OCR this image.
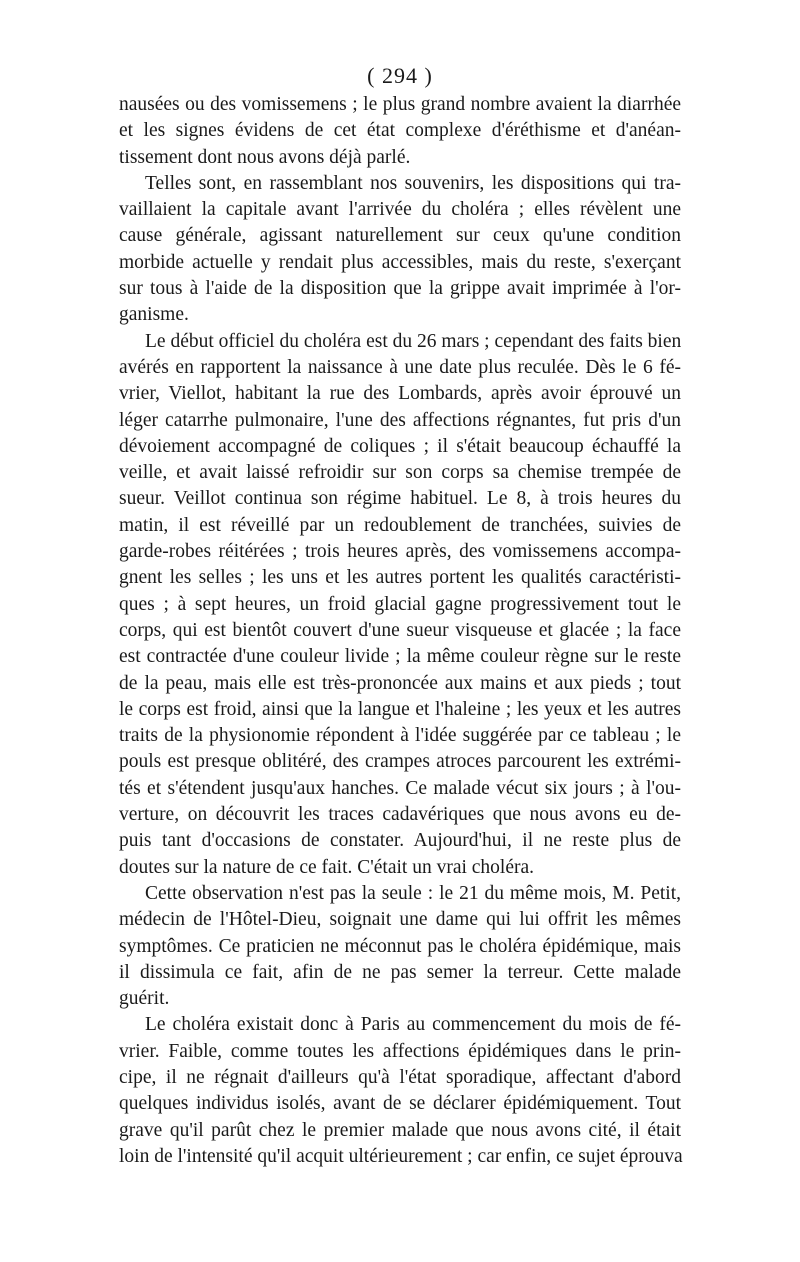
( 294 )
nausées ou des vomissemens ; le plus grand nombre avaient la diarrhée
et les signes évidens de cet état complexe d'éréthisme et d'anéan-
tissement dont nous avons déjà parlé.
Telles sont, en rassemblant nos souvenirs, les dispositions qui tra-
vaillaient la capitale avant l'arrivée du choléra ; elles révèlent une
cause générale, agissant naturellement sur ceux qu'une condition
morbide actuelle y rendait plus accessibles, mais du reste, s'exerçant
sur tous à l'aide de la disposition que la grippe avait imprimée à l'or-
ganisme.
Le début officiel du choléra est du 26 mars ; cependant des faits bien
avérés en rapportent la naissance à une date plus reculée. Dès le 6 fé-
vrier, Viellot, habitant la rue des Lombards, après avoir éprouvé un
léger catarrhe pulmonaire, l'une des affections régnantes, fut pris d'un
dévoiement accompagné de coliques ; il s'était beaucoup échauffé la
veille, et avait laissé refroidir sur son corps sa chemise trempée de
sueur. Veillot continua son régime habituel. Le 8, à trois heures du
matin, il est réveillé par un redoublement de tranchées, suivies de
garde-robes réitérées ; trois heures après, des vomissemens accompa-
gnent les selles ; les uns et les autres portent les qualités caractéristi-
ques ; à sept heures, un froid glacial gagne progressivement tout le
corps, qui est bientôt couvert d'une sueur visqueuse et glacée ; la face
est contractée d'une couleur livide ; la même couleur règne sur le reste
de la peau, mais elle est très-prononcée aux mains et aux pieds ; tout
le corps est froid, ainsi que la langue et l'haleine ; les yeux et les autres
traits de la physionomie répondent à l'idée suggérée par ce tableau ; le
pouls est presque oblitéré, des crampes atroces parcourent les extrémi-
tés et s'étendent jusqu'aux hanches. Ce malade vécut six jours ; à l'ou-
verture, on découvrit les traces cadavériques que nous avons eu de-
puis tant d'occasions de constater. Aujourd'hui, il ne reste plus de
doutes sur la nature de ce fait. C'était un vrai choléra.
Cette observation n'est pas la seule : le 21 du même mois, M. Petit,
médecin de l'Hôtel-Dieu, soignait une dame qui lui offrit les mêmes
symptômes. Ce praticien ne méconnut pas le choléra épidémique, mais
il dissimula ce fait, afin de ne pas semer la terreur. Cette malade
guérit.
Le choléra existait donc à Paris au commencement du mois de fé-
vrier. Faible, comme toutes les affections épidémiques dans le prin-
cipe, il ne régnait d'ailleurs qu'à l'état sporadique, affectant d'abord
quelques individus isolés, avant de se déclarer épidémiquement. Tout
grave qu'il parût chez le premier malade que nous avons cité, il était
loin de l'intensité qu'il acquit ultérieurement ; car enfin, ce sujet éprouva
